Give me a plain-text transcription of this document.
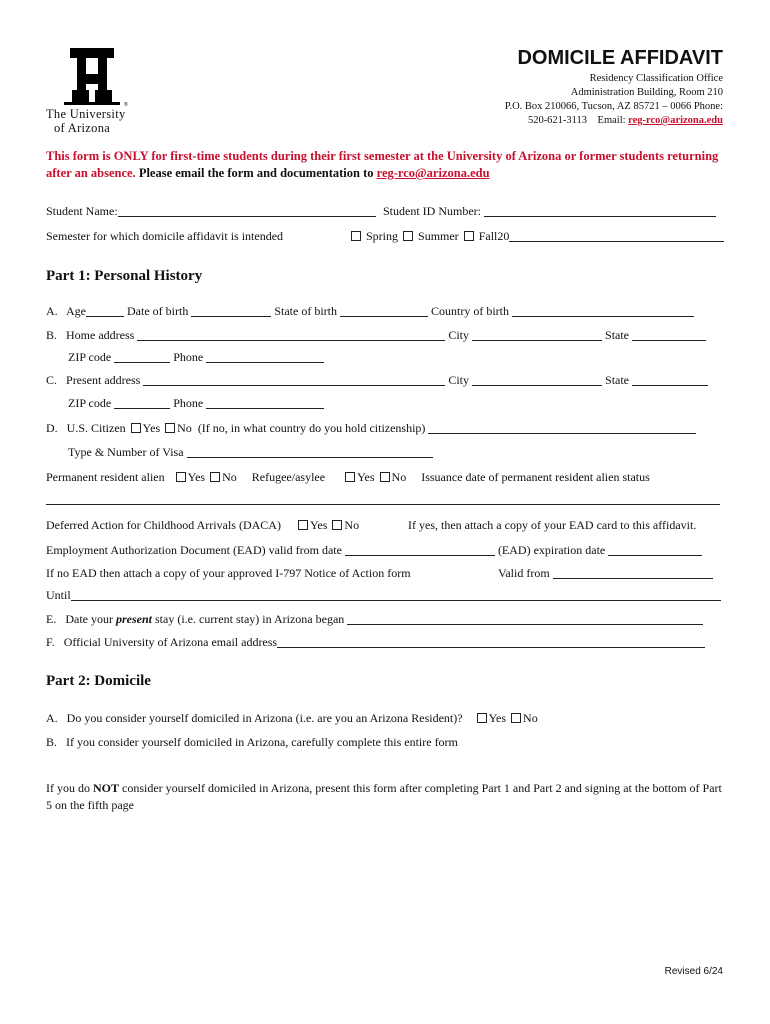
®
The University
of Arizona
DOMICILE AFFIDAVIT
Residency Classification Office
Administration Building, Room 210
P.O. Box 210066, Tucson, AZ 85721 – 0066 Phone:
520-621-3113 Email: reg-rco@arizona.edu
This form is ONLY for first-time students during their first semester at the University of Arizona or former students returning after an absence. Please email the form and documentation to reg-rco@arizona.edu
Student Name:	Student ID Number:
Semester for which domicile affidavit is intended	Spring Summer Fall20
Part 1: Personal History
A. Age	Date of birth	State of birth	Country of birth
B. Home address	City	State
ZIP code	Phone
C. Present address	City	State
ZIP code	Phone
D. U.S. Citizen Yes No (If no, in what country do you hold citizenship)
Type & Number of Visa
Permanent resident alien Yes No Refugee/asylee	Yes No Issuance date of permanent resident alien status
Deferred Action for Childhood Arrivals (DACA) Yes No	If yes, then attach a copy of your EAD card to this affidavit.
Employment Authorization Document (EAD) valid from date	(EAD) expiration date
If no EAD then attach a copy of your approved I-797 Notice of Action form	Valid from
Until
E. Date your present stay (i.e. current stay) in Arizona began
F. Official University of Arizona email address
Part 2: Domicile
A. Do you consider yourself domiciled in Arizona (i.e. are you an Arizona Resident)? Yes No
B. If you consider yourself domiciled in Arizona, carefully complete this entire form
If you do NOT consider yourself domiciled in Arizona, present this form after completing Part 1 and Part 2 and signing at the bottom of Part 5 on the fifth page
Revised 6/24
